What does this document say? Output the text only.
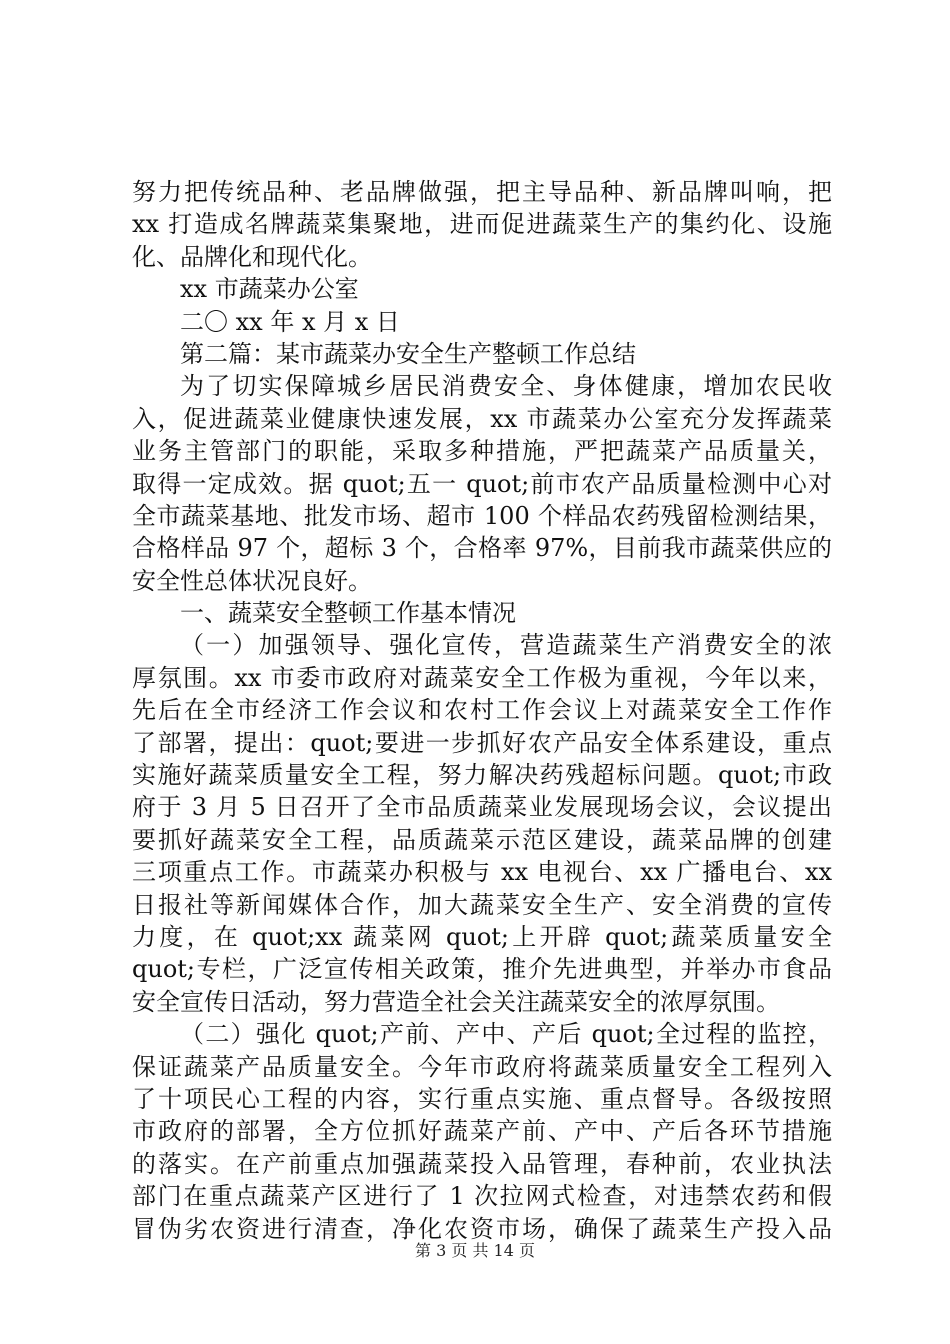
努力把传统品种、老品牌做强，把主导品种、新品牌叫响，把
xx 打造成名牌蔬菜集聚地，进而促进蔬菜生产的集约化、设施
化、品牌化和现代化。
xx 市蔬菜办公室
二〇 xx 年 x 月 x 日
第二篇：某市蔬菜办安全生产整顿工作总结
为了切实保障城乡居民消费安全、身体健康，增加农民收
入，促进蔬菜业健康快速发展，xx 市蔬菜办公室充分发挥蔬菜
业务主管部门的职能，采取多种措施，严把蔬菜产品质量关，
取得一定成效。据 quot;五一 quot;前市农产品质量检测中心对
全市蔬菜基地、批发市场、超市 100 个样品农药残留检测结果，
合格样品 97 个，超标 3 个，合格率 97%，目前我市蔬菜供应的
安全性总体状况良好。
一、蔬菜安全整顿工作基本情况
（一）加强领导、强化宣传，营造蔬菜生产消费安全的浓
厚氛围。xx 市委市政府对蔬菜安全工作极为重视，今年以来，
先后在全市经济工作会议和农村工作会议上对蔬菜安全工作作
了部署，提出：quot;要进一步抓好农产品安全体系建设，重点
实施好蔬菜质量安全工程，努力解决药残超标问题。quot;市政
府于 3 月 5 日召开了全市品质蔬菜业发展现场会议，会议提出
要抓好蔬菜安全工程，品质蔬菜示范区建设，蔬菜品牌的创建
三项重点工作。市蔬菜办积极与 xx 电视台、xx 广播电台、xx
日报社等新闻媒体合作，加大蔬菜安全生产、安全消费的宣传
力度，在 quot;xx 蔬菜网 quot;上开辟 quot;蔬菜质量安全
quot;专栏，广泛宣传相关政策，推介先进典型，并举办市食品
安全宣传日活动，努力营造全社会关注蔬菜安全的浓厚氛围。
（二）强化 quot;产前、产中、产后 quot;全过程的监控，
保证蔬菜产品质量安全。今年市政府将蔬菜质量安全工程列入
了十项民心工程的内容，实行重点实施、重点督导。各级按照
市政府的部署，全方位抓好蔬菜产前、产中、产后各环节措施
的落实。在产前重点加强蔬菜投入品管理，春种前，农业执法
部门在重点蔬菜产区进行了 1 次拉网式检查，对违禁农药和假
冒伪劣农资进行清查，净化农资市场，确保了蔬菜生产投入品
第 3 页 共 14 页
